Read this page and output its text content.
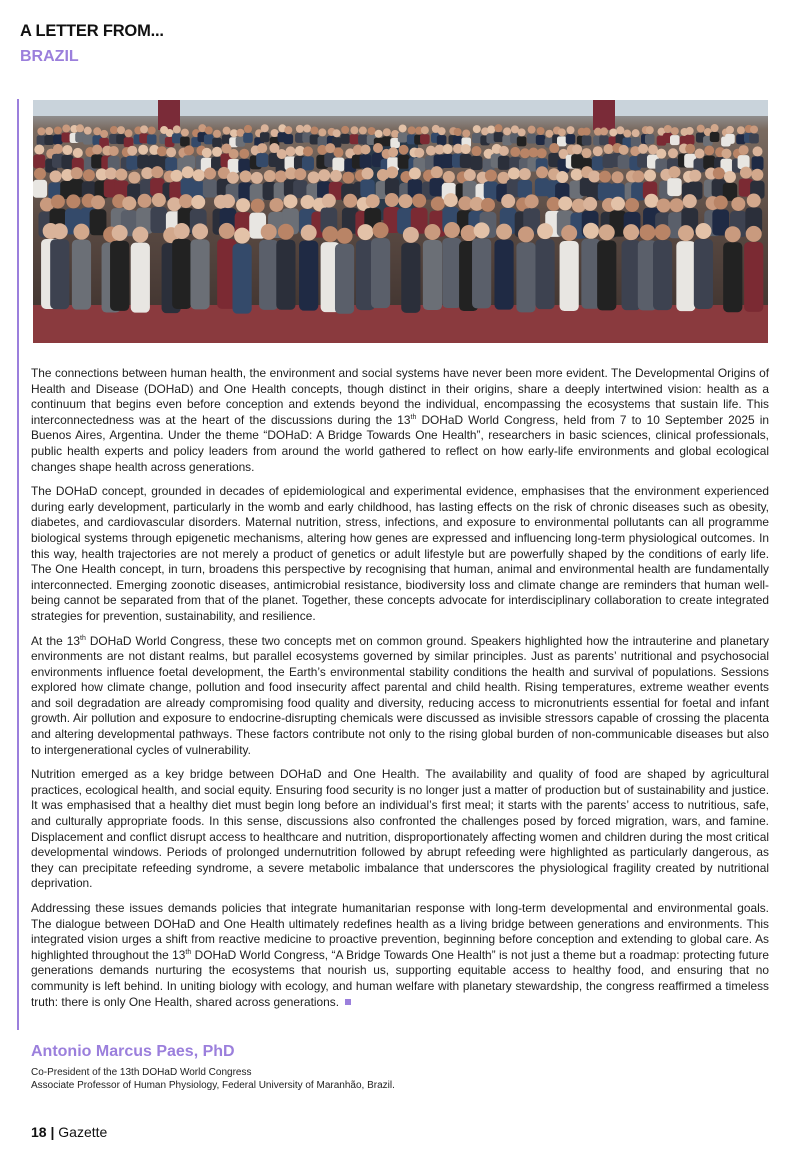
A LETTER FROM...
BRAZIL

The connections between human health, the environment and social systems have never been more evident. The Developmental Origins of Health and Disease (DOHaD) and One Health concepts, though distinct in their origins, share a deeply intertwined vision: health as a continuum that begins even before conception and extends beyond the individual, encompassing the ecosystems that sustain life. This interconnectedness was at the heart of the discussions during the 13th DOHaD World Congress, held from 7 to 10 September 2025 in Buenos Aires, Argentina. Under the theme “DOHaD: A Bridge Towards One Health”, researchers in basic sciences, clinical professionals, public health experts and policy leaders from around the world gathered to reflect on how early-life environments and global ecological changes shape health across generations.

The DOHaD concept, grounded in decades of epidemiological and experimental evidence, emphasises that the environment experienced during early development, particularly in the womb and early childhood, has lasting effects on the risk of chronic diseases such as obesity, diabetes, and cardiovascular disorders. Maternal nutrition, stress, infections, and exposure to environmental pollutants can all programme biological systems through epigenetic mechanisms, altering how genes are expressed and influencing long-term physiological outcomes. In this way, health trajectories are not merely a product of genetics or adult lifestyle but are powerfully shaped by the conditions of early life. The One Health concept, in turn, broadens this perspective by recognising that human, animal and environmental health are fundamentally interconnected. Emerging zoonotic diseases, antimicrobial resistance, biodiversity loss and climate change are reminders that human well-being cannot be separated from that of the planet. Together, these concepts advocate for interdisciplinary collaboration to create integrated strategies for prevention, sustainability, and resilience.

At the 13th DOHaD World Congress, these two concepts met on common ground. Speakers highlighted how the intrauterine and planetary environments are not distant realms, but parallel ecosystems governed by similar principles. Just as parents’ nutritional and psychosocial environments influence foetal development, the Earth’s environmental stability conditions the health and survival of populations. Sessions explored how climate change, pollution and food insecurity affect parental and child health. Rising temperatures, extreme weather events and soil degradation are already compromising food quality and diversity, reducing access to micronutrients essential for foetal and infant growth. Air pollution and exposure to endocrine-disrupting chemicals were discussed as invisible stressors capable of crossing the placenta and altering developmental pathways. These factors contribute not only to the rising global burden of non-communicable diseases but also to intergenerational cycles of vulnerability.

Nutrition emerged as a key bridge between DOHaD and One Health. The availability and quality of food are shaped by agricultural practices, ecological health, and social equity. Ensuring food security is no longer just a matter of production but of sustainability and justice. It was emphasised that a healthy diet must begin long before an individual’s first meal; it starts with the parents’ access to nutritious, safe, and culturally appropriate foods. In this sense, discussions also confronted the challenges posed by forced migration, wars, and famine. Displacement and conflict disrupt access to healthcare and nutrition, disproportionately affecting women and children during the most critical developmental windows. Periods of prolonged undernutrition followed by abrupt refeeding were highlighted as particularly dangerous, as they can precipitate refeeding syndrome, a severe metabolic imbalance that underscores the physiological fragility created by nutritional deprivation.

Addressing these issues demands policies that integrate humanitarian response with long-term developmental and environmental goals. The dialogue between DOHaD and One Health ultimately redefines health as a living bridge between generations and environments. This integrated vision urges a shift from reactive medicine to proactive prevention, beginning before conception and extending to global care. As highlighted throughout the 13th DOHaD World Congress, “A Bridge Towards One Health” is not just a theme but a roadmap: protecting future generations demands nurturing the ecosystems that nourish us, supporting equitable access to healthy food, and ensuring that no community is left behind. In uniting biology with ecology, and human welfare with planetary stewardship, the congress reaffirmed a timeless truth: there is only One Health, shared across generations.

Antonio Marcus Paes, PhD
Co-President of the 13th DOHaD World Congress
Associate Professor of Human Physiology, Federal University of Maranhão, Brazil.
18 | Gazette
